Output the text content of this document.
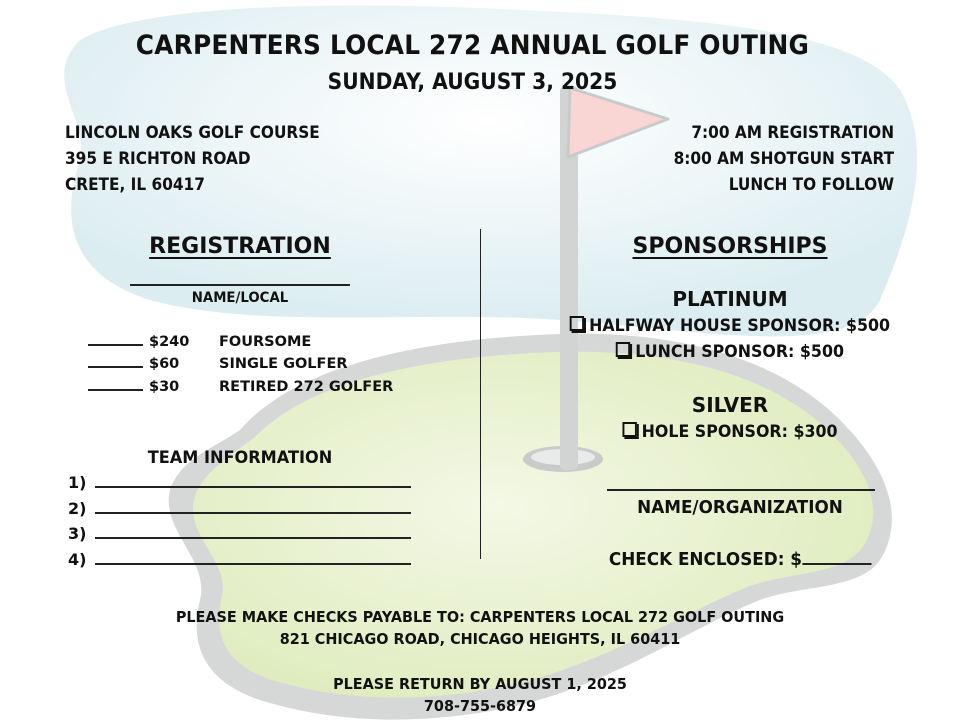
CARPENTERS LOCAL 272 ANNUAL GOLF OUTING
SUNDAY, AUGUST 3, 2025
LINCOLN OAKS GOLF COURSE
395 E RICHTON ROAD
CRETE, IL 60417
7:00 AM REGISTRATION
8:00 AM SHOTGUN START
LUNCH TO FOLLOW
REGISTRATION
NAME/LOCAL
$240 FOURSOME
$60	SINGLE GOLFER
$30	RETIRED 272 GOLFER
TEAM INFORMATION
1)
2)
3)
4)
SPONSORSHIPS
PLATINUM
HALFWAY HOUSE SPONSOR: $500
LUNCH SPONSOR: $500
SILVER
HOLE SPONSOR: $300
NAME/ORGANIZATION
CHECK ENCLOSED: $
PLEASE MAKE CHECKS PAYABLE TO: CARPENTERS LOCAL 272 GOLF OUTING
821 CHICAGO ROAD, CHICAGO HEIGHTS, IL 60411
PLEASE RETURN BY AUGUST 1, 2025
708-755-6879
